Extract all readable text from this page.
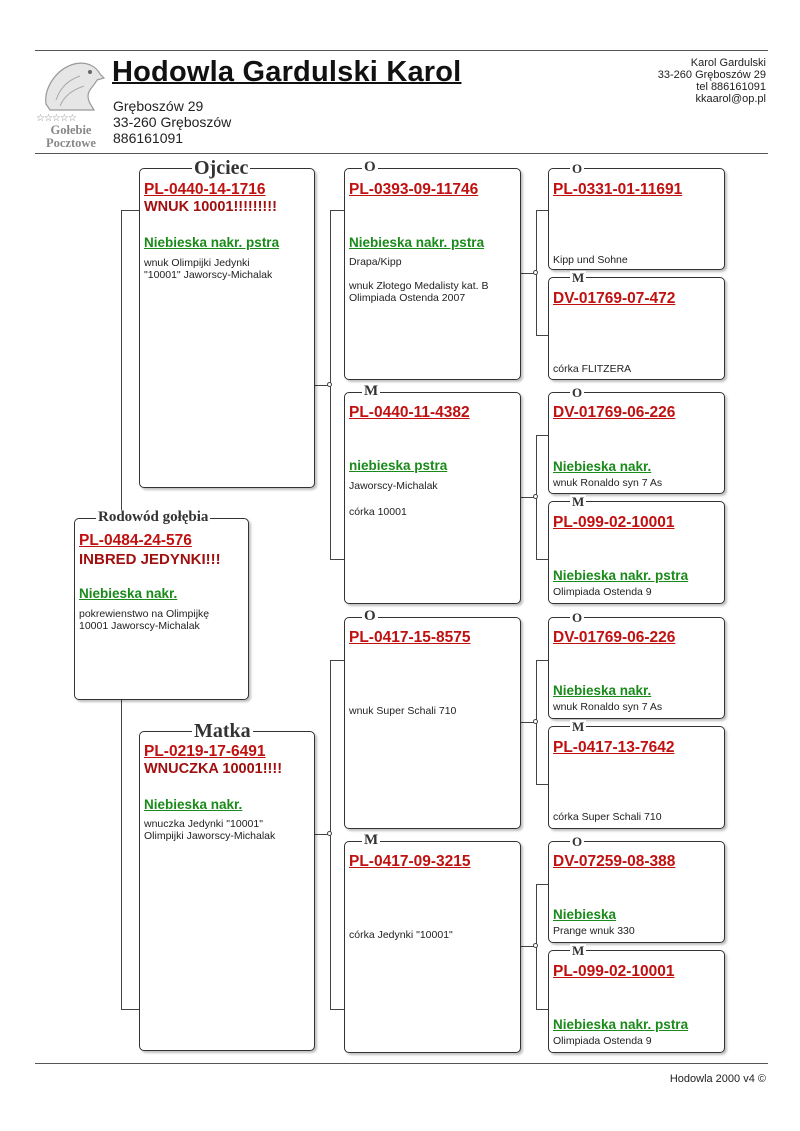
☆☆☆☆☆
Gołebie
Pocztowe
Hodowla Gardulski Karol
Gręboszów 29
33-260 Gręboszów
886161091
Karol Gardulski
33-260 Gręboszów 29
tel 886161091
kkaarol@op.pl
Rodowód gołębia
PL-0484-24-576
INBRED JEDYNKI!!!
Niebieska nakr.
pokrewienstwo na Olimpijkę
10001 Jaworscy-Michalak
Ojciec
PL-0440-14-1716
WNUK 10001!!!!!!!!!
Niebieska nakr. pstra
wnuk Olimpijki Jedynki
"10001" Jaworscy-Michalak
Matka
PL-0219-17-6491
WNUCZKA 10001!!!!
Niebieska nakr.
wnuczka Jedynki "10001"
Olimpijki Jaworscy-Michalak
O
PL-0393-09-11746
Niebieska nakr. pstra
Drapa/Kipp
wnuk Złotego Medalisty kat. B
Olimpiada Ostenda 2007
M
PL-0440-11-4382
niebieska pstra
Jaworscy-Michalak
córka 10001
O
PL-0417-15-8575
wnuk Super Schali 710
M
PL-0417-09-3215
córka Jedynki "10001"
O
PL-0331-01-11691
Kipp und Sohne
M
DV-01769-07-472
córka FLITZERA
O
DV-01769-06-226
Niebieska nakr.
wnuk Ronaldo syn 7 As
M
PL-099-02-10001
Niebieska nakr. pstra
Olimpiada Ostenda 9
O
DV-01769-06-226
Niebieska nakr.
wnuk Ronaldo syn 7 As
M
PL-0417-13-7642
córka Super Schali 710
O
DV-07259-08-388
Niebieska
Prange wnuk 330
M
PL-099-02-10001
Niebieska nakr. pstra
Olimpiada Ostenda 9
Hodowla 2000 v4 ©
